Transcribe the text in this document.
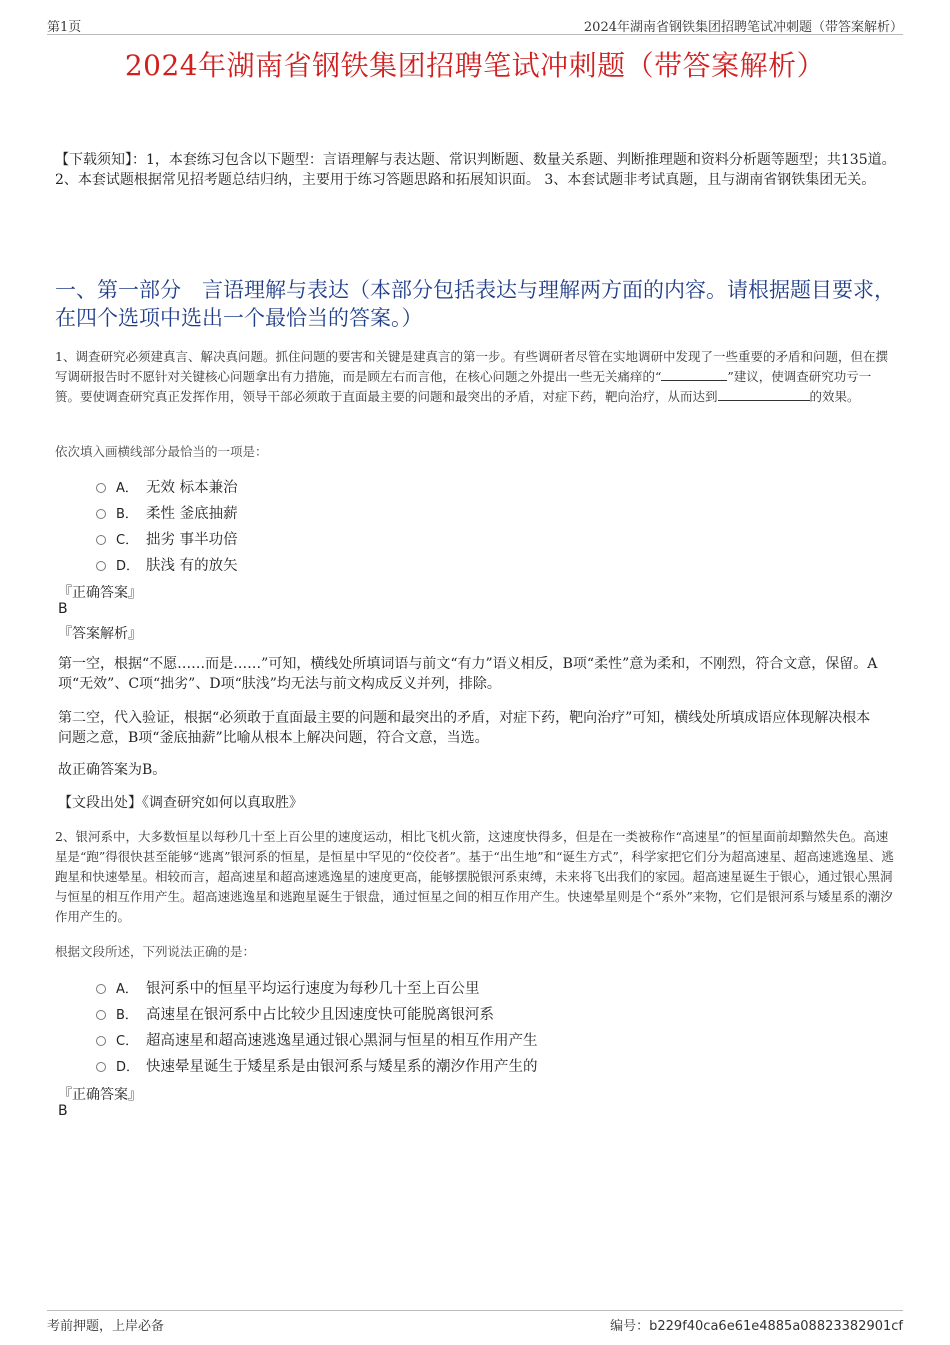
第1页	2024年湖南省钢铁集团招聘笔试冲刺题（带答案解析）
2024年湖南省钢铁集团招聘笔试冲刺题（带答案解析）
【下载须知】：1，本套练习包含以下题型：言语理解与表达题、常识判断题、数量关系题、判断推理题和资料分析题等题型；共135道。 2、本套试题根据常见招考题总结归纳，主要用于练习答题思路和拓展知识面。 3、本套试题非考试真题，且与湖南省钢铁集团无关。
一、第一部分　言语理解与表达（本部分包括表达与理解两方面的内容。请根据题目要求，在四个选项中选出一个最恰当的答案。）
1、调查研究必须建真言、解决真问题。抓住问题的要害和关键是建真言的第一步。有些调研者尽管在实地调研中发现了一些重要的矛盾和问题，但在撰写调研报告时不愿针对关键核心问题拿出有力措施，而是顾左右而言他，在核心问题之外提出一些无关痛痒的“	”建议，使调查研究功亏一篑。要使调查研究真正发挥作用，领导干部必须敢于直面最主要的问题和最突出的矛盾，对症下药，靶向治疗，从而达到	的效果。
依次填入画横线部分最恰当的一项是：
A． 无效 标本兼治
B． 柔性 釜底抽薪
C． 拙劣 事半功倍
D． 肤浅 有的放矢
『正确答案』
B
『答案解析』
第一空，根据“不愿……而是……”可知，横线处所填词语与前文“有力”语义相反，B项“柔性”意为柔和，不刚烈，符合文意，保留。A项“无效”、C项“拙劣”、D项“肤浅”均无法与前文构成反义并列，排除。
第二空，代入验证，根据“必须敢于直面最主要的问题和最突出的矛盾，对症下药，靶向治疗”可知，横线处所填成语应体现解决根本问题之意，B项“釜底抽薪”比喻从根本上解决问题，符合文意，当选。
故正确答案为B。
【文段出处】《调查研究如何以真取胜》
2、银河系中，大多数恒星以每秒几十至上百公里的速度运动，相比飞机火箭，这速度快得多，但是在一类被称作“高速星”的恒星面前却黯然失色。高速星是“跑”得很快甚至能够“逃离”银河系的恒星，是恒星中罕见的“佼佼者”。基于“出生地”和“诞生方式”，科学家把它们分为超高速星、超高速逃逸星、逃跑星和快速晕星。相较而言，超高速星和超高速逃逸星的速度更高，能够摆脱银河系束缚，未来将飞出我们的家园。超高速星诞生于银心，通过银心黑洞与恒星的相互作用产生。超高速逃逸星和逃跑星诞生于银盘，通过恒星之间的相互作用产生。快速晕星则是个“系外”来物，它们是银河系与矮星系的潮汐作用产生的。
根据文段所述，下列说法正确的是：
A． 银河系中的恒星平均运行速度为每秒几十至上百公里
B． 高速星在银河系中占比较少且因速度快可能脱离银河系
C． 超高速星和超高速逃逸星通过银心黑洞与恒星的相互作用产生
D． 快速晕星诞生于矮星系是由银河系与矮星系的潮汐作用产生的
『正确答案』
B
考前押题，上岸必备	编号：b229f40ca6e61e4885a08823382901cf
